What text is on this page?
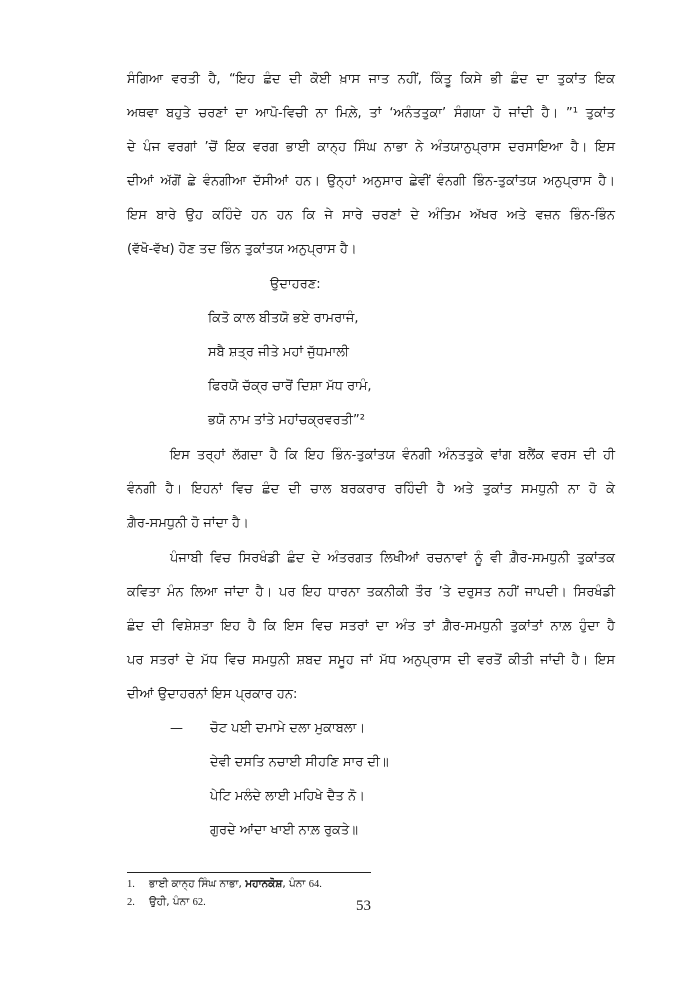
ਸੰਗਿਆ ਵਰਤੀ ਹੈ, “ਇਹ ਛੰਦ ਦੀ ਕੋਈ ਖ਼ਾਸ ਜਾਤ ਨਹੀਂ, ਕਿੰਤੂ ਕਿਸੇ ਭੀ ਛੰਦ ਦਾ ਤੁਕਾਂਤ ਇਕ
ਅਥਵਾ ਬਹੁਤੇ ਚਰਣਾਂ ਦਾ ਆਪੋ-ਵਿਚੀ ਨਾ ਮਿਲ਼ੇ, ਤਾਂ ‘ਅਨੰਤਤੁਕਾ’ ਸੰਗਯਾ ਹੋ ਜਾਂਦੀ ਹੈ। ”¹ ਤੁਕਾਂਤ
ਦੇ ਪੰਜ ਵਰਗਾਂ ’ਚੋਂ ਇਕ ਵਰਗ ਭਾਈ ਕਾਨ੍ਹ ਸਿੰਘ ਨਾਭਾ ਨੇ ਅੰਤਯਾਨੁਪ੍ਰਾਸ ਦਰਸਾਇਆ ਹੈ। ਇਸ
ਦੀਆਂ ਅੱਗੋਂ ਛੇ ਵੰਨਗੀਆ ਦੱਸੀਆਂ ਹਨ। ਉਨ੍ਹਾਂ ਅਨੁਸਾਰ ਛੇਵੀਂ ਵੰਨਗੀ ਭਿੰਨ-ਤੁਕਾਂਤਯ ਅਨੁਪ੍ਰਾਸ ਹੈ।
ਇਸ ਬਾਰੇ ਉਹ ਕਹਿੰਦੇ ਹਨ ਹਨ ਕਿ ਜੇ ਸਾਰੇ ਚਰਣਾਂ ਦੇ ਅੰਤਿਮ ਅੱਖਰ ਅਤੇ ਵਜ਼ਨ ਭਿੰਨ-ਭਿੰਨ
(ਵੱਖੋ-ਵੱਖ) ਹੋਣ ਤਦ ਭਿੰਨ ਤੁਕਾਂਤਯ ਅਨੁਪ੍ਰਾਸ ਹੈ।
ਉਦਾਹਰਣ:
ਕਿਤੋ ਕਾਲ ਬੀਤਯੋ ਭਏ ਰਾਮਰਾਜੰ,
ਸਬੈ ਸ਼ਤ੍ਰ ਜੀਤੇ ਮਹਾਂ ਜੁੱਧਮਾਲੀ
ਫਿਰਯੋ ਚੱਕ੍ਰ ਚਾਰੋਂ ਦਿਸ਼ਾ ਮੱਧ ਰਾਮੰ,
ਭਯੋ ਨਾਮ ਤਾਂਤੇ ਮਹਾਂਚਕ੍ਰਵਰਤੀ”²
ਇਸ ਤਰ੍ਹਾਂ ਲੱਗਦਾ ਹੈ ਕਿ ਇਹ ਭਿੰਨ-ਤੁਕਾਂਤਯ ਵੰਨਗੀ ਅੰਨਤਤੁਕੇ ਵਾਂਗ ਬਲੈਂਕ ਵਰਸ ਦੀ ਹੀ
ਵੰਨਗੀ ਹੈ। ਇਹਨਾਂ ਵਿਚ ਛੰਦ ਦੀ ਚਾਲ ਬਰਕਰਾਰ ਰਹਿੰਦੀ ਹੈ ਅਤੇ ਤੁਕਾਂਤ ਸਮਧੁਨੀ ਨਾ ਹੋ ਕੇ
ਗ਼ੈਰ-ਸਮਧੁਨੀ ਹੋ ਜਾਂਦਾ ਹੈ।
ਪੰਜਾਬੀ ਵਿਚ ਸਿਰਖੰਡੀ ਛੰਦ ਦੇ ਅੰਤਰਗਤ ਲਿਖੀਆਂ ਰਚਨਾਵਾਂ ਨੂੰ ਵੀ ਗ਼ੈਰ-ਸਮਧੁਨੀ ਤੁਕਾਂਤਕ
ਕਵਿਤਾ ਮੰਨ ਲਿਆ ਜਾਂਦਾ ਹੈ। ਪਰ ਇਹ ਧਾਰਨਾ ਤਕਨੀਕੀ ਤੌਰ ’ਤੇ ਦਰੁਸਤ ਨਹੀਂ ਜਾਪਦੀ। ਸਿਰਖੰਡੀ
ਛੰਦ ਦੀ ਵਿਸ਼ੇਸ਼ਤਾ ਇਹ ਹੈ ਕਿ ਇਸ ਵਿਚ ਸਤਰਾਂ ਦਾ ਅੰਤ ਤਾਂ ਗ਼ੈਰ-ਸਮਧੁਨੀ ਤੁਕਾਂਤਾਂ ਨਾਲ਼ ਹੁੰਦਾ ਹੈ
ਪਰ ਸਤਰਾਂ ਦੇ ਮੱਧ ਵਿਚ ਸਮਧੁਨੀ ਸ਼ਬਦ ਸਮੂਹ ਜਾਂ ਮੱਧ ਅਨੁਪ੍ਰਾਸ ਦੀ ਵਰਤੋਂ ਕੀਤੀ ਜਾਂਦੀ ਹੈ। ਇਸ
ਦੀਆਂ ਉਦਾਹਰਨਾਂ ਇਸ ਪ੍ਰਕਾਰ ਹਨ:
— ਚੋਟ ਪਈ ਦਮਾਮੇ ਦਲਾ ਮੁਕਾਬਲਾ।
ਦੇਵੀ ਦਸਤਿ ਨਚਾਈ ਸੀਹਣਿ ਸਾਰ ਦੀ॥
ਪੇਟਿ ਮਲੰਦੇ ਲਾਈ ਮਹਿਖੇ ਦੈਤ ਨੋ।
ਗੁਰਦੇ ਆਂਦਾ ਖਾਈ ਨਾਲ਼ ਰੁਕਤੇ॥
1. ਭਾਈ ਕਾਨ੍ਹ ਸਿੰਘ ਨਾਭਾ, ਮਹਾਨਕੋਸ਼, ਪੰਨਾ 64.
2. ਉਹੀ, ਪੰਨਾ 62.	53
